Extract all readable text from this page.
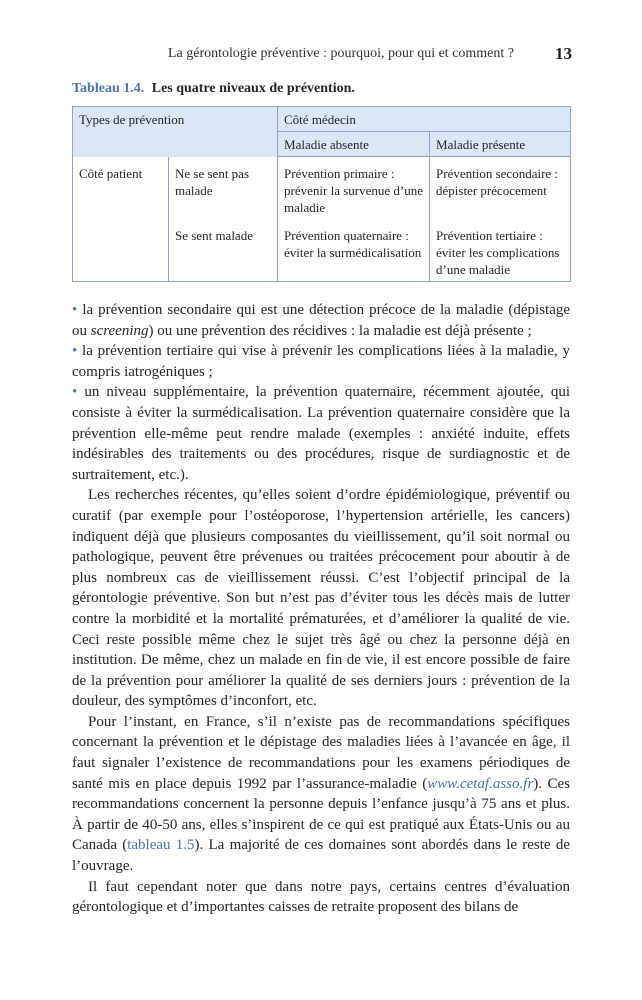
La gérontologie préventive : pourquoi, pour qui et comment ? 13
Tableau 1.4. Les quatre niveaux de prévention.
Types de prévention		Côté médecin	
		Maladie absente	Maladie présente
Côté patient	Ne se sent pas malade	Prévention primaire : prévenir la survenue d’une maladie	Prévention secondaire : dépister précocement
	Se sent malade	Prévention quaternaire : éviter la surmédicalisation	Prévention tertiaire : éviter les complications d’une maladie

• la prévention secondaire qui est une détection précoce de la maladie (dépistage ou screening) ou une prévention des récidives : la maladie est déjà présente ;

• la prévention tertiaire qui vise à prévenir les complications liées à la maladie, y compris iatrogéniques ;

• un niveau supplémentaire, la prévention quaternaire, récemment ajoutée, qui consiste à éviter la surmédicalisation. La prévention quaternaire considère que la prévention elle-même peut rendre malade (exemples : anxiété induite, effets indésirables des traitements ou des procédures, risque de surdiagnostic et de surtraitement, etc.).

Les recherches récentes, qu’elles soient d’ordre épidémiologique, préventif ou curatif (par exemple pour l’ostéoporose, l’hypertension artérielle, les cancers) indiquent déjà que plusieurs composantes du vieillissement, qu’il soit normal ou pathologique, peuvent être prévenues ou traitées précocement pour aboutir à de plus nombreux cas de vieillissement réussi. C’est l’objectif principal de la gérontologie préventive. Son but n’est pas d’éviter tous les décès mais de lutter contre la morbidité et la mortalité prématurées, et d’améliorer la qualité de vie. Ceci reste possible même chez le sujet très âgé ou chez la personne déjà en institution. De même, chez un malade en fin de vie, il est encore possible de faire de la prévention pour améliorer la qualité de ses derniers jours : prévention de la douleur, des symptômes d’inconfort, etc.

Pour l’instant, en France, s’il n’existe pas de recommandations spécifiques concernant la prévention et le dépistage des maladies liées à l’avancée en âge, il faut signaler l’existence de recommandations pour les examens périodiques de santé mis en place depuis 1992 par l’assurance-maladie (www.cetaf.asso.fr). Ces recommandations concernent la personne depuis l’enfance jusqu’à 75 ans et plus. À partir de 40-50 ans, elles s’inspirent de ce qui est pratiqué aux États-Unis ou au Canada (tableau 1.5). La majorité de ces domaines sont abordés dans le reste de l’ouvrage.

Il faut cependant noter que dans notre pays, certains centres d’évaluation gérontologique et d’importantes caisses de retraite proposent des bilans de
